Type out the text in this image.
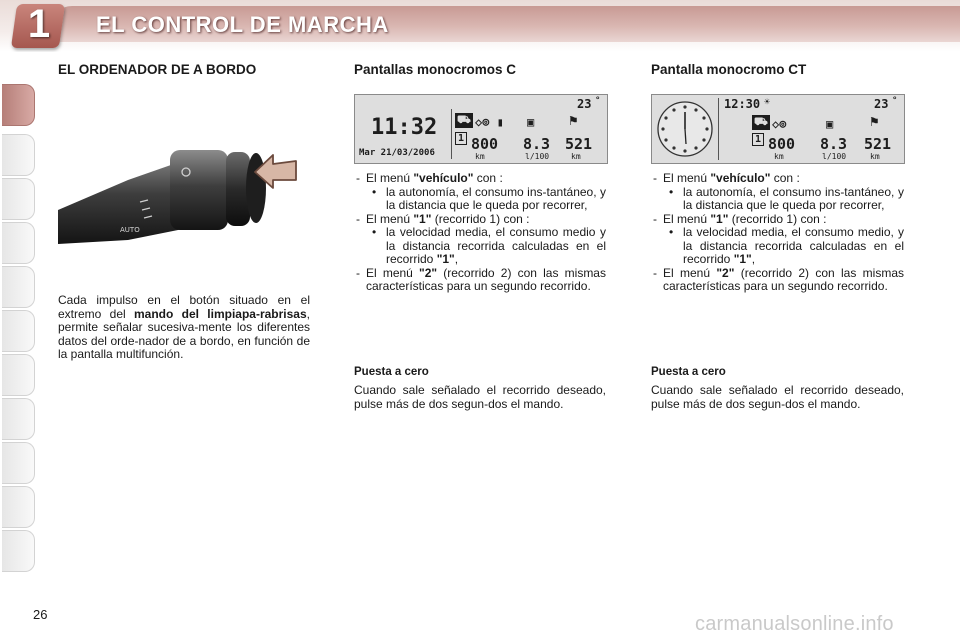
1 EL CONTROL DE MARCHA
EL ORDENADOR DE A BORDO
AUTO

Cada impulso en el botón situado en el extremo del mando del limpiapa-rabrisas, permite señalar sucesiva-mente los diferentes datos del orde-nador de a bordo, en función de la pantalla multifunción.

Pantallas monocromos C
23 °
11:32
Mar 21/03/2006
⛟ ◇⊚ ▮ ▣ ⚑
1 800 8.3 521
km	l/100	km
- El menú "vehículo" con :
• la autonomía, el consumo ins-tantáneo, y la distancia que le queda por recorrer,
- El menú "1" (recorrido 1) con :
• la velocidad media, el consumo medio y la distancia recorrida calculadas en el recorrido "1",
- El menú "2" (recorrido 2) con las mismas características para un segundo recorrido.
Puesta a cero

Cuando sale señalado el recorrido deseado, pulse más de dos segun-dos el mando.

Pantalla monocromo CT
12:30 ☀	23 °
⛟ ◇⊚	▣	⚑
1 800 8.3 521
km	l/100	km
- El menú "vehículo" con :
• la autonomía, el consumo ins-tantáneo, y la distancia que le queda por recorrer,
- El menú "1" (recorrido 1) con :
• la velocidad media, el consumo medio, y la distancia recorrida calculadas en el recorrido "1",
- El menú "2" (recorrido 2) con las mismas características para un segundo recorrido.
Puesta a cero

Cuando sale señalado el recorrido deseado, pulse más de dos segun-dos el mando.

26	carmanualsonline.info
